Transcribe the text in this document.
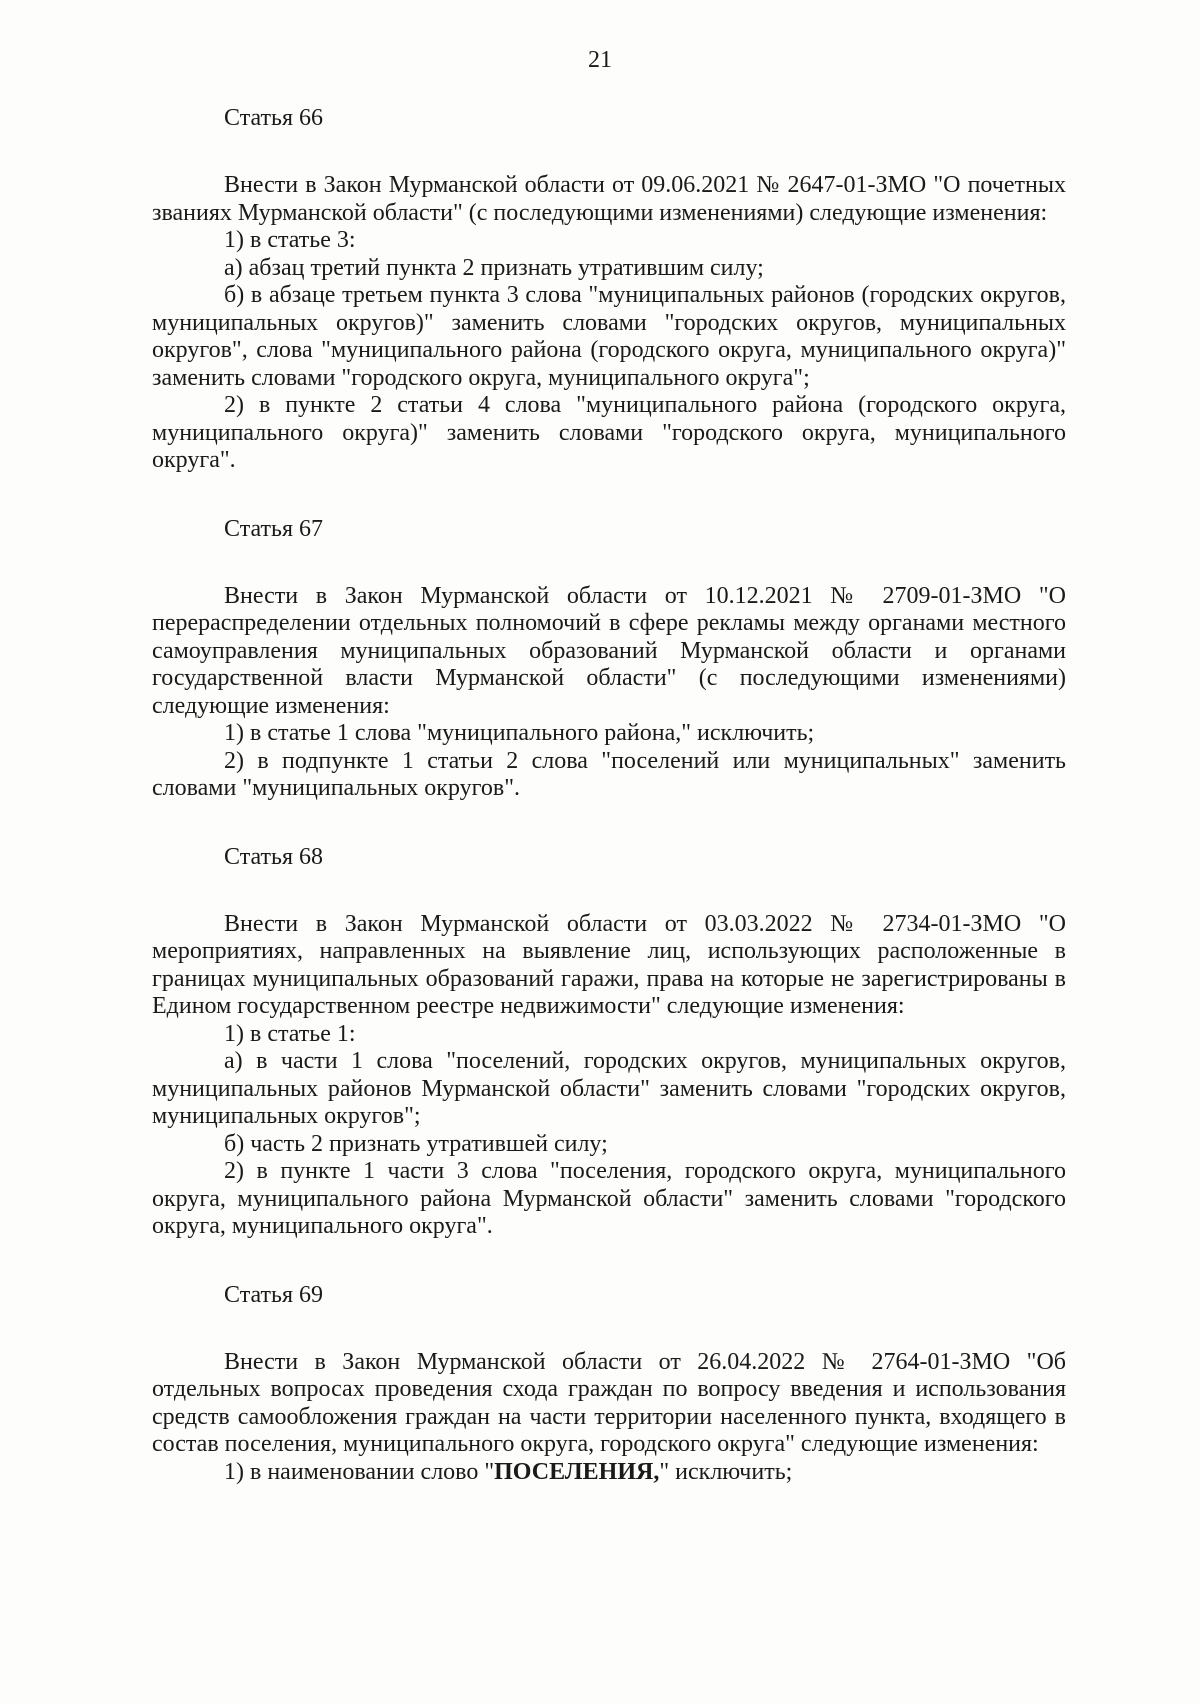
21

Статья 66

Внести в Закон Мурманской области от 09.06.2021 № 2647-01-ЗМО "О почетных званиях Мурманской области" (с последующими изменениями) следующие изменения:

1) в статье 3:

а) абзац третий пункта 2 признать утратившим силу;

б) в абзаце третьем пункта 3 слова "муниципальных районов (городских округов, муниципальных округов)" заменить словами "городских округов, муниципальных округов", слова "муниципального района (городского округа, муниципального округа)" заменить словами "городского округа, муниципального округа";

2) в пункте 2 статьи 4 слова "муниципального района (городского округа, муниципального округа)" заменить словами "городского округа, муниципального округа".

Статья 67

Внести в Закон Мурманской области от 10.12.2021 № 2709-01-ЗМО "О перераспределении отдельных полномочий в сфере рекламы между органами местного самоуправления муниципальных образований Мурманской области и органами государственной власти Мурманской области" (с последующими изменениями) следующие изменения:

1) в статье 1 слова "муниципального района," исключить;

2) в подпункте 1 статьи 2 слова "поселений или муниципальных" заменить словами "муниципальных округов".

Статья 68

Внести в Закон Мурманской области от 03.03.2022 № 2734-01-ЗМО "О мероприятиях, направленных на выявление лиц, использующих расположенные в границах муниципальных образований гаражи, права на которые не зарегистрированы в Едином государственном реестре недвижимости" следующие изменения:

1) в статье 1:

а) в части 1 слова "поселений, городских округов, муниципальных округов, муниципальных районов Мурманской области" заменить словами "городских округов, муниципальных округов";

б) часть 2 признать утратившей силу;

2) в пункте 1 части 3 слова "поселения, городского округа, муниципального округа, муниципального района Мурманской области" заменить словами "городского округа, муниципального округа".

Статья 69

Внести в Закон Мурманской области от 26.04.2022 № 2764-01-ЗМО "Об отдельных вопросах проведения схода граждан по вопросу введения и использования средств самообложения граждан на части территории населенного пункта, входящего в состав поселения, муниципального округа, городского округа" следующие изменения:

1) в наименовании слово "ПОСЕЛЕНИЯ," исключить;
